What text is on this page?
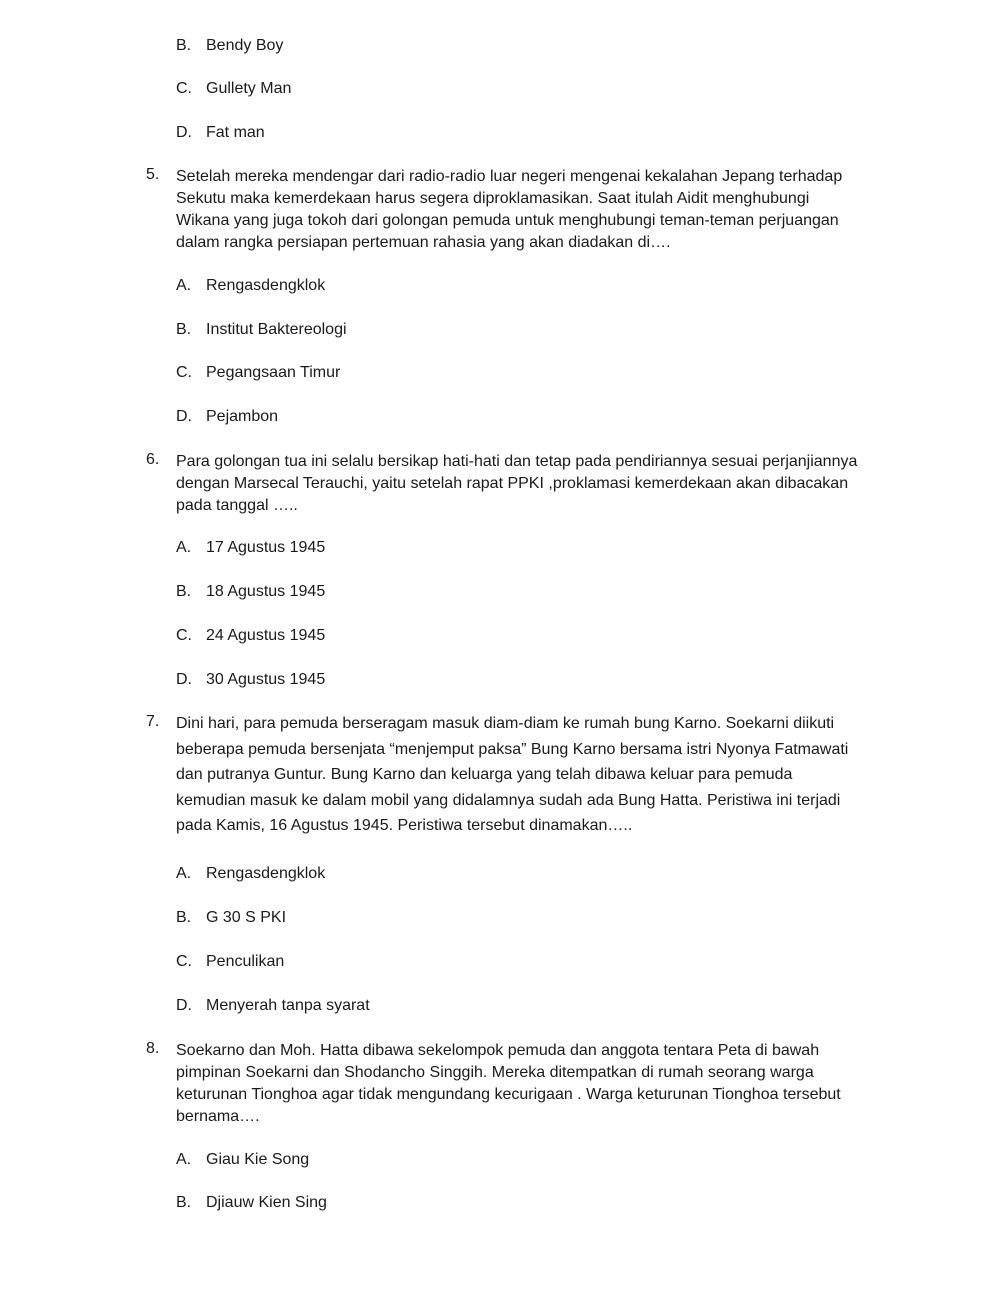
B. Bendy Boy
C. Gullety Man
D. Fat man
5.	Setelah mereka mendengar dari radio-radio luar negeri mengenai kekalahan Jepang terhadap
Sekutu maka kemerdekaan harus segera diproklamasikan. Saat itulah Aidit menghubungi
Wikana yang juga tokoh dari golongan pemuda untuk menghubungi teman-teman perjuangan
dalam rangka persiapan pertemuan rahasia yang akan diadakan di….
A. Rengasdengklok
B. Institut Baktereologi
C. Pegangsaan Timur
D. Pejambon
6.	Para golongan tua ini selalu bersikap hati-hati dan tetap pada pendiriannya sesuai perjanjiannya
dengan Marsecal Terauchi, yaitu setelah rapat PPKI ,proklamasi kemerdekaan akan dibacakan
pada tanggal …..
A. 17 Agustus 1945
B. 18 Agustus 1945
C. 24 Agustus 1945
D. 30 Agustus 1945
7.	Dini hari, para pemuda berseragam masuk diam-diam ke rumah bung Karno. Soekarni diikuti
beberapa pemuda bersenjata “menjemput paksa” Bung Karno bersama istri Nyonya Fatmawati
dan putranya Guntur. Bung Karno dan keluarga yang telah dibawa keluar para pemuda
kemudian masuk ke dalam mobil yang didalamnya sudah ada Bung Hatta. Peristiwa ini terjadi
pada Kamis, 16 Agustus 1945. Peristiwa tersebut dinamakan…..
A. Rengasdengklok
B. G 30 S PKI
C. Penculikan
D. Menyerah tanpa syarat
8.	Soekarno dan Moh. Hatta dibawa sekelompok pemuda dan anggota tentara Peta di bawah
pimpinan Soekarni dan Shodancho Singgih. Mereka ditempatkan di rumah seorang warga
keturunan Tionghoa agar tidak mengundang kecurigaan . Warga keturunan Tionghoa tersebut
bernama….
A. Giau Kie Song
B. Djiauw Kien Sing
